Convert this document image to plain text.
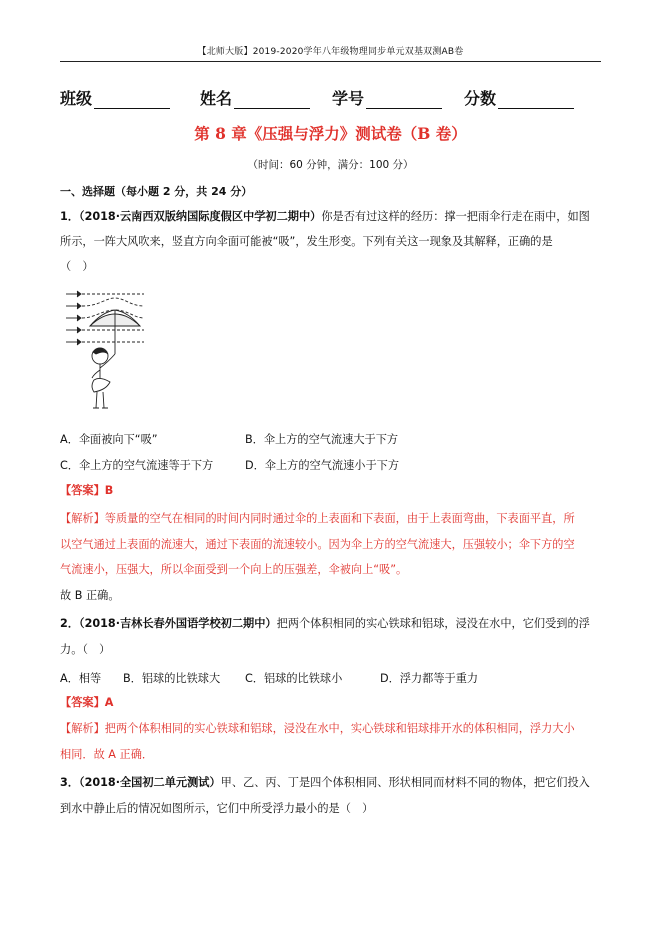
【北师大版】2019-2020学年八年级物理同步单元双基双测AB卷
班级	姓名	学号	分数
第 8 章《压强与浮力》测试卷（B 卷）
（时间：60 分钟，满分：100 分）
一、选择题（每小题 2 分，共 24 分）
1．（2018·云南西双版纳国际度假区中学初二期中）你是否有过这样的经历：撑一把雨伞行走在雨中，如图
所示，一阵大风吹来，竖直方向伞面可能被“吸”，发生形变。下列有关这一现象及其解释，正确的是
（　）
A．伞面被向下“吸”	B．伞上方的空气流速大于下方
C．伞上方的空气流速等于下方	D．伞上方的空气流速小于下方
【答案】B
【解析】等质量的空气在相同的时间内同时通过伞的上表面和下表面，由于上表面弯曲，下表面平直，所
以空气通过上表面的流速大，通过下表面的流速较小。因为伞上方的空气流速大，压强较小；伞下方的空
气流速小，压强大，所以伞面受到一个向上的压强差，伞被向上“吸”。
故 B 正确。
2．（2018·吉林长春外国语学校初二期中）把两个体积相同的实心铁球和铝球，浸没在水中，它们受到的浮
力。（　）
A．相等 B．铝球的比铁球大 C．铝球的比铁球小	D．浮力都等于重力
【答案】A
【解析】把两个体积相同的实心铁球和铝球，浸没在水中，实心铁球和铝球排开水的体积相同，浮力大小
相同．故 A 正确．
3．（2018·全国初二单元测试）甲、乙、丙、丁是四个体积相同、形状相同而材料不同的物体，把它们投入
到水中静止后的情况如图所示，它们中所受浮力最小的是（　）
